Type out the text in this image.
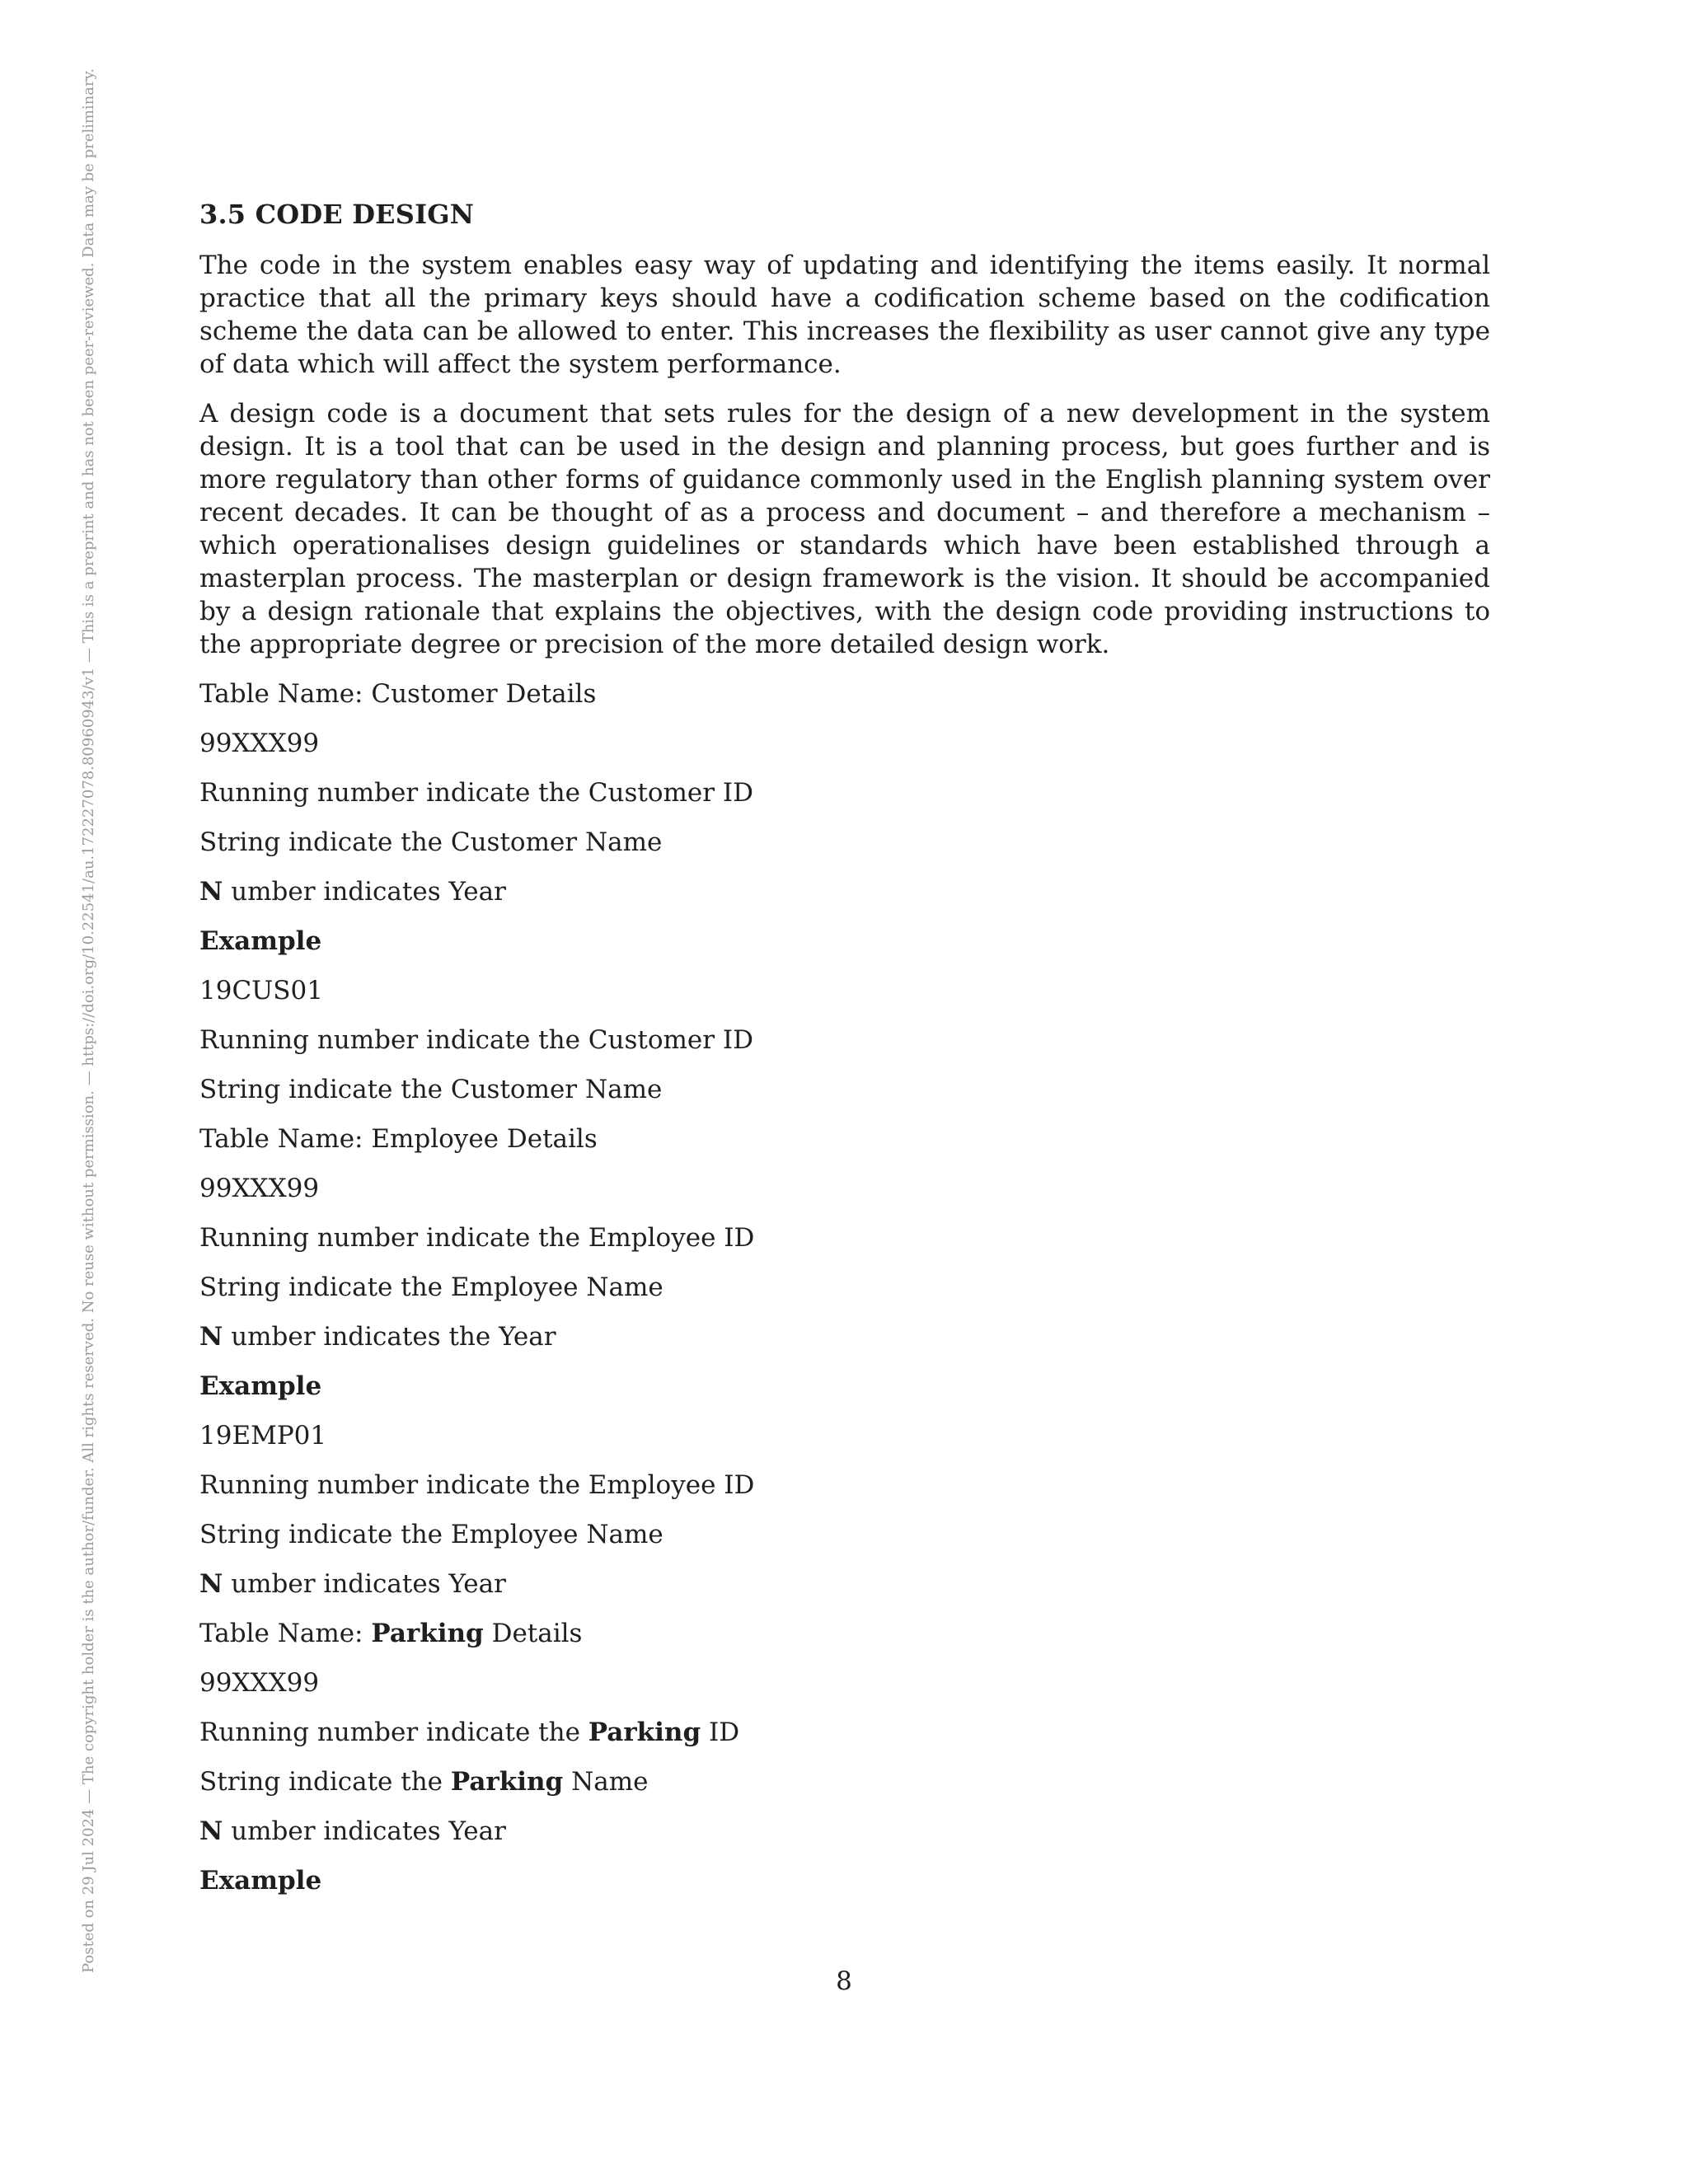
Posted on 29 Jul 2024 — The copyright holder is the author/funder. All rights reserved. No reuse without permission. — https://doi.org/10.22541/au.172227078.80960943/v1 — This is a preprint and has not been peer-reviewed. Data may be preliminary.	3.5 CODE DESIGN

The code in the system enables easy way of updating and identifying the items easily. It normal practice that all the primary keys should have a codification scheme based on the codification scheme the data can be allowed to enter. This increases the flexibility as user cannot give any type of data which will affect the system performance.

A design code is a document that sets rules for the design of a new development in the system design. It is a tool that can be used in the design and planning process, but goes further and is more regulatory than other forms of guidance commonly used in the English planning system over recent decades. It can be thought of as a process and document – and therefore a mechanism – which operationalises design guidelines or standards which have been established through a masterplan process. The masterplan or design framework is the vision. It should be accompanied by a design rationale that explains the objectives, with the design code providing instructions to the appropriate degree or precision of the more detailed design work.

Table Name: Customer Details
99XXX99
Running number indicate the Customer ID
String indicate the Customer Name
N umber indicates Year
Example
19CUS01
Running number indicate the Customer ID
String indicate the Customer Name
Table Name: Employee Details
99XXX99
Running number indicate the Employee ID
String indicate the Employee Name
N umber indicates the Year
Example
19EMP01
Running number indicate the Employee ID
String indicate the Employee Name
N umber indicates Year
Table Name: Parking Details
99XXX99
Running number indicate the Parking ID
String indicate the Parking Name
N umber indicates Year
Example
8
